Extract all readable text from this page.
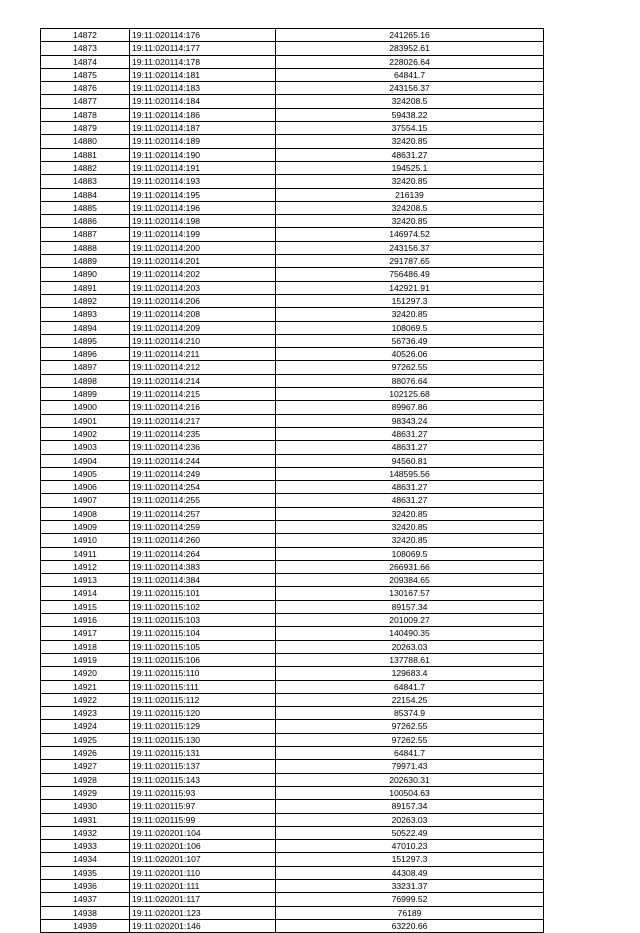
14872	19:11:020114:176	241265.16
14873	19:11:020114:177	283952.61
14874	19:11:020114:178	228026.64
14875	19:11:020114:181	64841.7
14876	19:11:020114:183	243156.37
14877	19:11:020114:184	324208.5
14878	19:11:020114:186	59438.22
14879	19:11:020114:187	37554.15
14880	19:11:020114:189	32420.85
14881	19:11:020114:190	48631.27
14882	19:11:020114:191	194525.1
14883	19:11:020114:193	32420.85
14884	19:11:020114:195	216139
14885	19:11:020114:196	324208.5
14886	19:11:020114:198	32420.85
14887	19:11:020114:199	146974.52
14888	19:11:020114:200	243156.37
14889	19:11:020114:201	291787.65
14890	19:11:020114:202	756486.49
14891	19:11:020114:203	142921.91
14892	19:11:020114:206	151297.3
14893	19:11:020114:208	32420.85
14894	19:11:020114:209	108069.5
14895	19:11:020114:210	56736.49
14896	19:11:020114:211	40526.06
14897	19:11:020114:212	97262.55
14898	19:11:020114:214	88076.64
14899	19:11:020114:215	102125.68
14900	19:11:020114:216	89967.86
14901	19:11:020114:217	98343.24
14902	19:11:020114:235	48631.27
14903	19:11:020114:236	48631.27
14904	19:11:020114:244	94560.81
14905	19:11:020114:249	148595.56
14906	19:11:020114:254	48631.27
14907	19:11:020114:255	48631.27
14908	19:11:020114:257	32420.85
14909	19:11:020114:259	32420.85
14910	19:11:020114:260	32420.85
14911	19:11:020114:264	108069.5
14912	19:11:020114:383	266931.66
14913	19:11:020114:384	209384.65
14914	19:11:020115:101	130167.57
14915	19:11:020115:102	89157.34
14916	19:11:020115:103	201009.27
14917	19:11:020115:104	140490.35
14918	19:11:020115:105	20263.03
14919	19:11:020115:106	137788.61
14920	19:11:020115:110	129683.4
14921	19:11:020115:111	64841.7
14922	19:11:020115:112	22154.25
14923	19:11:020115:120	85374.9
14924	19:11:020115:129	97262.55
14925	19:11:020115:130	97262.55
14926	19:11:020115:131	64841.7
14927	19:11:020115:137	79971.43
14928	19:11:020115:143	202630.31
14929	19:11:020115:93	100504.63
14930	19:11:020115:97	89157.34
14931	19:11:020115:99	20263.03
14932	19:11:020201:104	50522.49
14933	19:11:020201:106	47010.23
14934	19:11:020201:107	151297.3
14935	19:11:020201:110	44308.49
14936	19:11:020201:111	33231.37
14937	19:11:020201:117	76999.52
14938	19:11:020201:123	76189
14939	19:11:020201:146	63220.66
